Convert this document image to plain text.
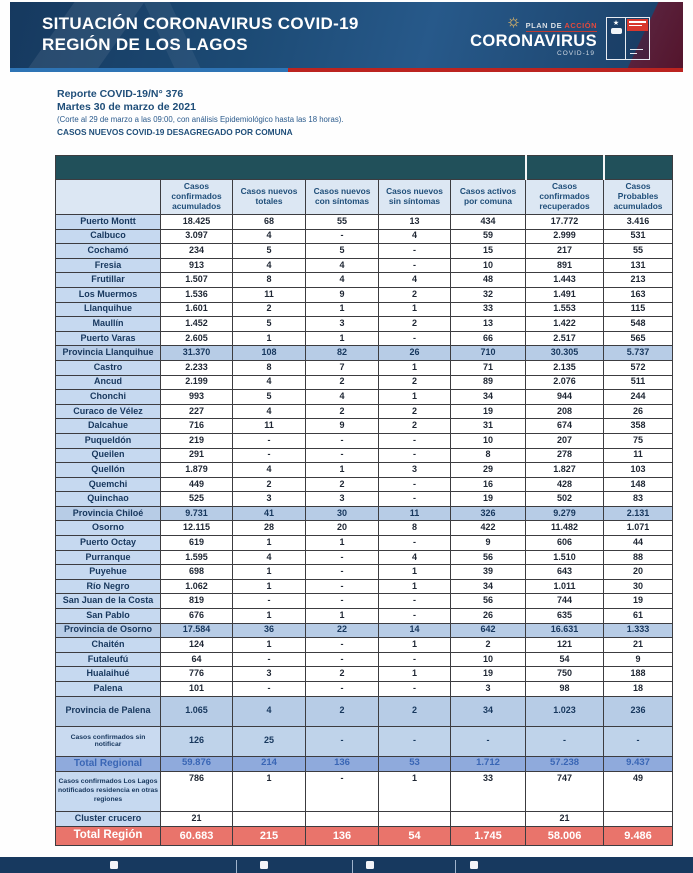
SITUACIÓN CORONAVIRUS COVID-19
REGIÓN DE LOS LAGOS
PLAN DE ACCIÓN
CORONAVIRUS
COVID-19
★
Reporte COVID-19/N° 376
Martes 30 de marzo de 2021
(Corte al 29 de marzo a las 09:00, con análisis Epidemiológico hasta las 18 horas).
CASOS NUEVOS COVID-19 DESAGREGADO POR COMUNA

	Casos confirmados acumulados	Casos nuevos totales	Casos nuevos con síntomas	Casos nuevos sin síntomas	Casos activos por comuna	Casos confirmados recuperados	Casos Probables acumulados
Puerto Montt	18.425	68	55	13	434	17.772	3.416
Calbuco	3.097	4	-	4	59	2.999	531
Cochamó	234	5	5	-	15	217	55
Fresia	913	4	4	-	10	891	131
Frutillar	1.507	8	4	4	48	1.443	213
Los Muermos	1.536	11	9	2	32	1.491	163
Llanquihue	1.601	2	1	1	33	1.553	115
Maullín	1.452	5	3	2	13	1.422	548
Puerto Varas	2.605	1	1	-	66	2.517	565
Provincia Llanquihue	31.370	108	82	26	710	30.305	5.737
Castro	2.233	8	7	1	71	2.135	572
Ancud	2.199	4	2	2	89	2.076	511
Chonchi	993	5	4	1	34	944	244
Curaco de Vélez	227	4	2	2	19	208	26
Dalcahue	716	11	9	2	31	674	358
Puqueldón	219	-	-	-	10	207	75
Queilen	291	-	-	-	8	278	11
Quellón	1.879	4	1	3	29	1.827	103
Quemchi	449	2	2	-	16	428	148
Quinchao	525	3	3	-	19	502	83
Provincia Chiloé	9.731	41	30	11	326	9.279	2.131
Osorno	12.115	28	20	8	422	11.482	1.071
Puerto Octay	619	1	1	-	9	606	44
Purranque	1.595	4	-	4	56	1.510	88
Puyehue	698	1	-	1	39	643	20
Río Negro	1.062	1	-	1	34	1.011	30
San Juan de la Costa	819	-	-	-	56	744	19
San Pablo	676	1	1	-	26	635	61
Provincia de Osorno	17.584	36	22	14	642	16.631	1.333
Chaitén	124	1	-	1	2	121	21
Futaleufú	64	-	-	-	10	54	9
Hualaihué	776	3	2	1	19	750	188
Palena	101	-	-	-	3	98	18
Provincia de Palena	1.065	4	2	2	34	1.023	236
Casos confirmados sin notificar	126	25	-	-	-	-	-
Total Regional	59.876	214	136	53	1.712	57.238	9.437
Casos confirmados Los Lagos notificados residencia en otras regiones	786	1	-	1	33	747	49
Cluster crucero	21					21	
Total Región	60.683	215	136	54	1.745	58.006	9.486
